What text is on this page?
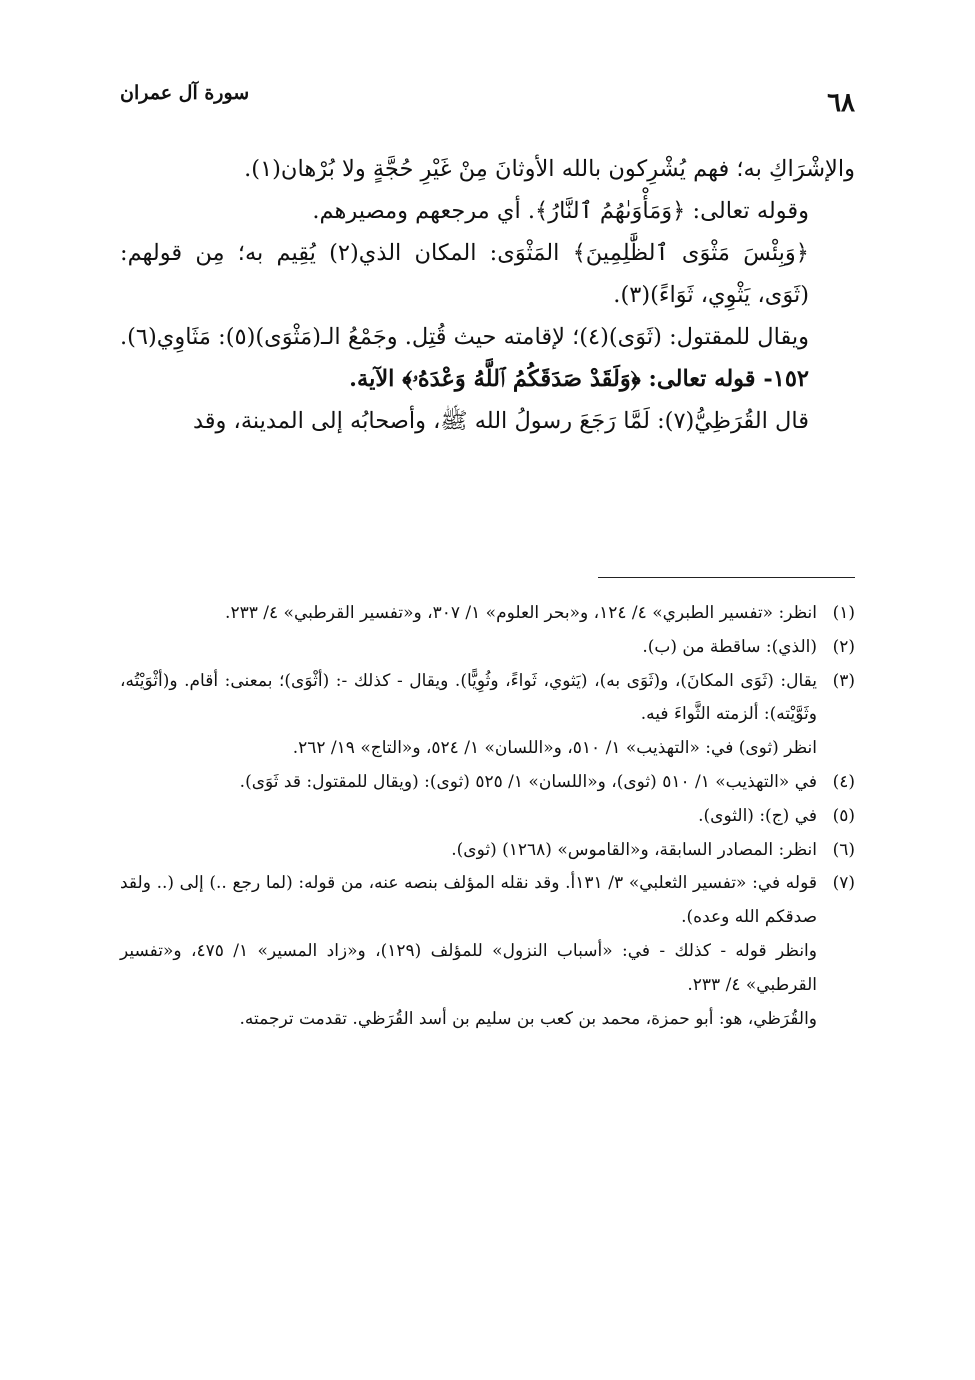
٦٨
سورة آل عمران

والإشْرَاكِ به؛ فهم يُشْرِكون بالله الأوثانَ مِنْ غَيْرِ حُجَّةٍ ولا بُرْهان(١).

وقوله تعالى: ﴿وَمَأْوَىٰهُمُ ٱلنَّارُ﴾. أي مرجعهم ومصيرهم.

﴿وَبِئْسَ مَثْوَى ٱلظَّٰلِمِينَ﴾ المَثْوَى: المكان الذي(٢) يُقِيم به؛ مِن قولهم: (ثَوَى، يَثْوِي، ثَوَاءً)(٣).

ويقال للمقتول: (ثَوَى)(٤)؛ لإقامته حيث قُتِل. وجَمْعُ الـ(مَثْوَى)(٥): مَثَاوِي(٦).

١٥٢- قوله تعالى: ﴿وَلَقَدْ صَدَقَكُمُ ٱللَّهُ وَعْدَهُۥ﴾ الآية.

قال القُرَظِيُّ(٧): لَمَّا رَجَعَ رسولُ الله ﷺ، وأصحابُه إلى المدينة، وقد

(١)

انظر: «تفسير الطبري» ٤/ ١٢٤، و«بحر العلوم» ١/ ٣٠٧، و«تفسير القرطبي» ٤/ ٢٣٣.

(٢)

(الذي): ساقطة من (ب).

(٣)

يقال: (ثَوَى المكانَ)، و(ثَوَى به)، (يَثوي، ثَواءً، وثُوِيًّا). ويقال - كذلك -: (أثْوَى)؛ بمعنى: أقام. و(أثْوَيْتُه، وثَوَّيْته): ألزمته الثَّواءَ فيه.

انظر (ثوى) في: «التهذيب» ١/ ٥١٠، و«اللسان» ١/ ٥٢٤، و«التاج» ١٩/ ٢٦٢.

(٤)

في «التهذيب» ١/ ٥١٠ (ثوى)، و«اللسان» ١/ ٥٢٥ (ثوى): (ويقال للمقتول: قد ثَوَى).

(٥)

في (ج): (الثوى).

(٦)

انظر: المصادر السابقة، و«القاموس» (١٢٦٨) (ثوى).

(٧)

قوله في: «تفسير الثعلبي» ٣/ ١٣١أ. وقد نقله المؤلف بنصه عنه، من قوله: (لما رجع ..) إلى (.. ولقد صدقكم الله وعده).

وانظر قوله - كذلك - في: «أسباب النزول» للمؤلف (١٢٩)، و«زاد المسير» ١/ ٤٧٥، و«تفسير القرطبي» ٤/ ٢٣٣.

والقُرَظي، هو: أبو حمزة، محمد بن كعب بن سليم بن أسد القُرَظي. تقدمت ترجمته.
